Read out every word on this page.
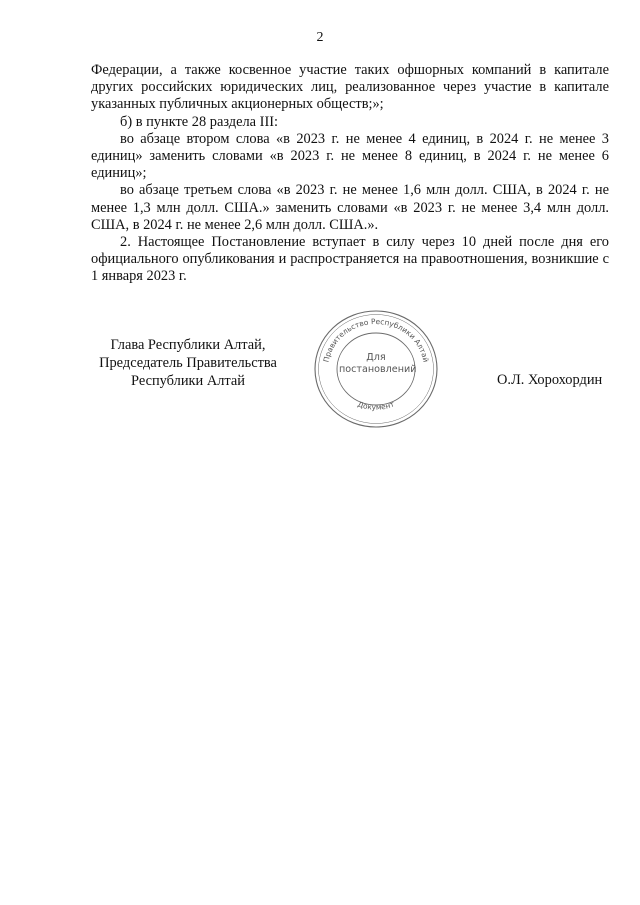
2

Федерации, а также косвенное участие таких офшорных компаний в капитале других российских юридических лиц, реализованное через участие в капитале указанных публичных акционерных обществ;»;

б) в пункте 28 раздела III:

во абзаце втором слова «в 2023 г. не менее 4 единиц, в 2024 г. не менее 3 единиц» заменить словами «в 2023 г. не менее 8 единиц, в 2024 г. не менее 6 единиц»;

во абзаце третьем слова «в 2023 г. не менее 1,6 млн долл. США, в 2024 г. не менее 1,3 млн долл. США.» заменить словами «в 2023 г. не менее 3,4 млн долл. США, в 2024 г. не менее 2,6 млн долл. США.».

2. Настоящее Постановление вступает в силу через 10 дней после дня его официального опубликования и распространяется на правоотношения, возникшие с 1 января 2023 г.

Глава Республики Алтай,
Председатель Правительства
Республики Алтай
Правительство Республики Алтай
Документ
Для
постановлений
О.Л. Хорохордин
